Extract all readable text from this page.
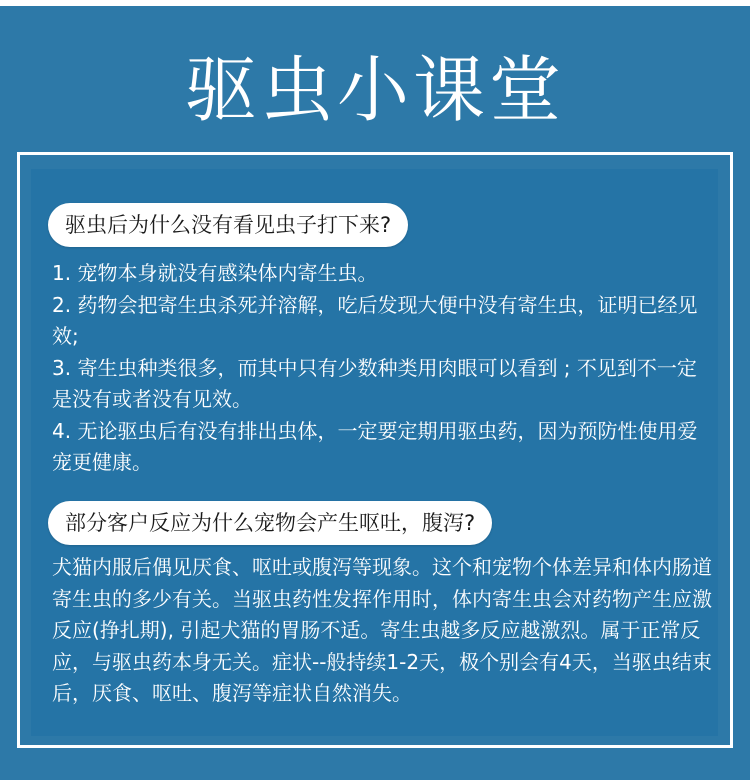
驱虫小课堂
驱虫后为什么没有看见虫子打下来?

1. 宠物本身就没有感染体内寄生虫。

2. 药物会把寄生虫杀死并溶解，吃后发现大便中没有寄生虫，证明已经见效;

3. 寄生虫种类很多，而其中只有少数种类用肉眼可以看到 ; 不见到不一定是没有或者没有见效。

4. 无论驱虫后有没有排出虫体，一定要定期用驱虫药，因为预防性使用爱宠更健康。

部分客户反应为什么宠物会产生呕吐，腹泻?

犬猫内服后偶见厌食、呕吐或腹泻等现象。这个和宠物个体差异和体内肠道寄生虫的多少有关。当驱虫药性发挥作用时，体内寄生虫会对药物产生应激反应(挣扎期), 引起犬猫的胃肠不适。寄生虫越多反应越激烈。属于正常反应，与驱虫药本身无关。症状--般持续1-2天，极个别会有4天，当驱虫结束后，厌食、呕吐、腹泻等症状自然消失。
